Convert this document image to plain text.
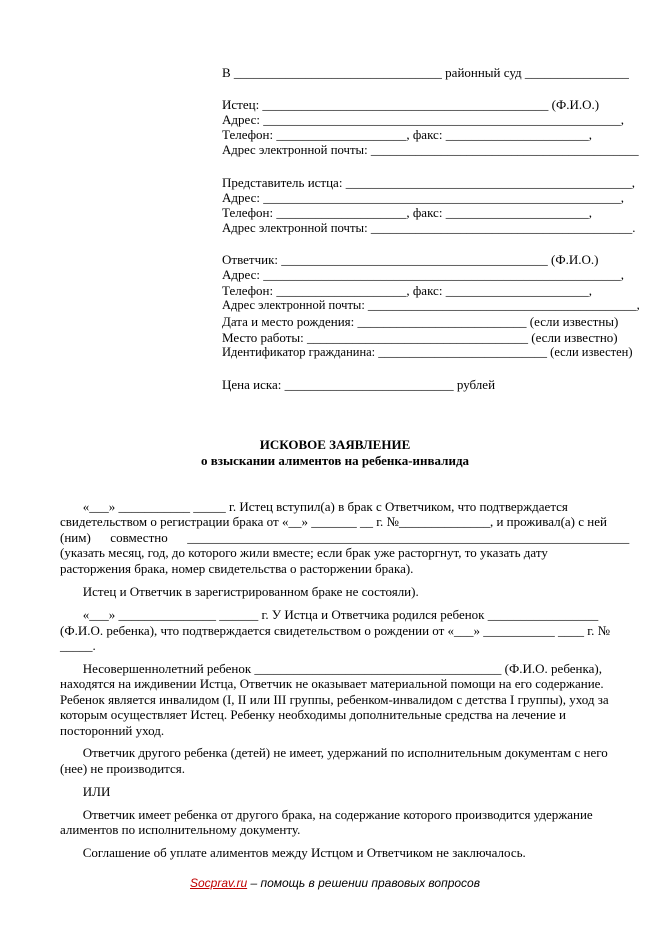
В ________________________________ районный суд ________________
Истец: ____________________________________________ (Ф.И.О.)
Адрес: _______________________________________________________,
Телефон: ____________________, факс: ______________________,
Адрес электронной почты: __________________________________________
Представитель истца: ____________________________________________,
Адрес: _______________________________________________________,
Телефон: ____________________, факс: ______________________,
Адрес электронной почты: _________________________________________.
Ответчик: _________________________________________ (Ф.И.О.)
Адрес: _______________________________________________________,
Телефон: ____________________, факс: ______________________,
Адрес электронной почты: ___________________________________________,
Дата и место рождения: __________________________ (если известны)
Место работы: __________________________________ (если известно)
Идентификатор гражданина: ___________________________ (если известен)
Цена иска: __________________________ рублей
ИСКОВОЕ ЗАЯВЛЕНИЕ
о взыскании алиментов на ребенка-инвалида
«___» ___________ _____ г. Истец вступил(а) в брак с Ответчиком, что подтверждается
свидетельством о регистрации брака от «__» _______ __ г. №______________, и проживал(а) с ней
(ним)      совместно      ____________________________________________________________________
(указать месяц, год, до которого жили вместе; если брак уже расторгнут, то указать дату
расторжения брака, номер свидетельства о расторжении брака).
Истец и Ответчик в зарегистрированном браке не состояли).
«___» _______________ ______ г. У Истца и Ответчика родился ребенок _________________
(Ф.И.О. ребенка), что подтверждается свидетельством о рождении от «___» ___________ ____ г. №
_____.
Несовершеннолетний ребенок ______________________________________ (Ф.И.О. ребенка),
находятся на иждивении Истца, Ответчик не оказывает материальной помощи на его содержание.
Ребенок является инвалидом (I, II или III группы, ребенком-инвалидом с детства I группы), уход за
которым осуществляет Истец. Ребенку необходимы дополнительные средства на лечение и
посторонний уход.
Ответчик другого ребенка (детей) не имеет, удержаний по исполнительным документам с него
(нее) не производится.
ИЛИ
Ответчик имеет ребенка от другого брака, на содержание которого производится удержание
алиментов по исполнительному документу.
Соглашение об уплате алиментов между Истцом и Ответчиком не заключалось.
Socprav.ru – помощь в решении правовых вопросов
